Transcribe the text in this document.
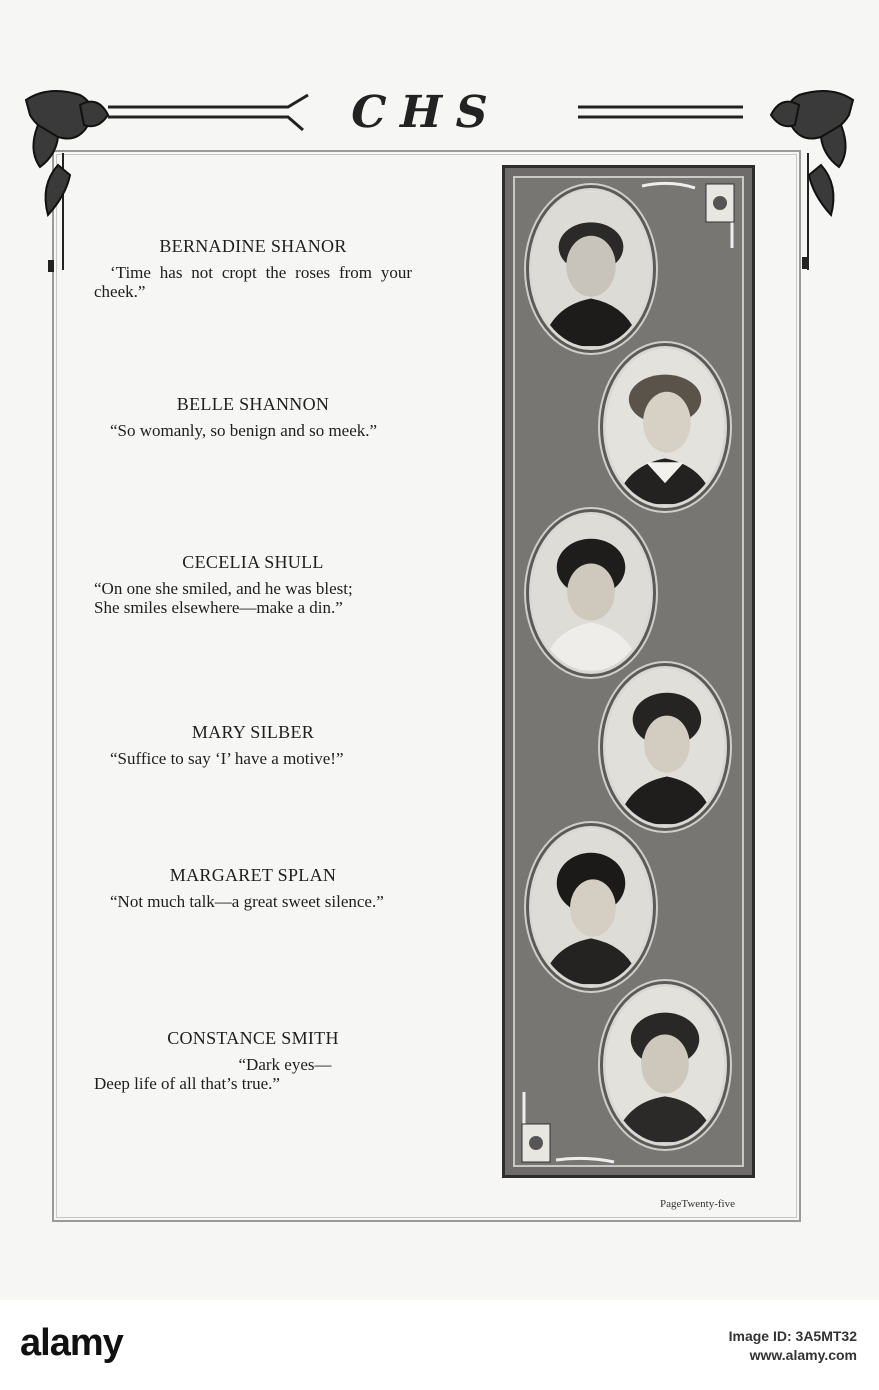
CHS
BERNADINE SHANOR
‘Time has not cropt the roses from your cheek.”
BELLE SHANNON
“So womanly, so benign and so meek.”
CECELIA SHULL
“On one she smiled, and he was blest;
She smiles elsewhere—make a din.”
MARY SILBER
“Suffice to say ‘I’ have a motive!”
MARGARET SPLAN
“Not much talk—a great sweet silence.”
CONSTANCE SMITH
“Dark eyes—
Deep life of all that’s true.”
PageTwenty-five
alamy	Image ID: 3A5MT32
www.alamy.com
